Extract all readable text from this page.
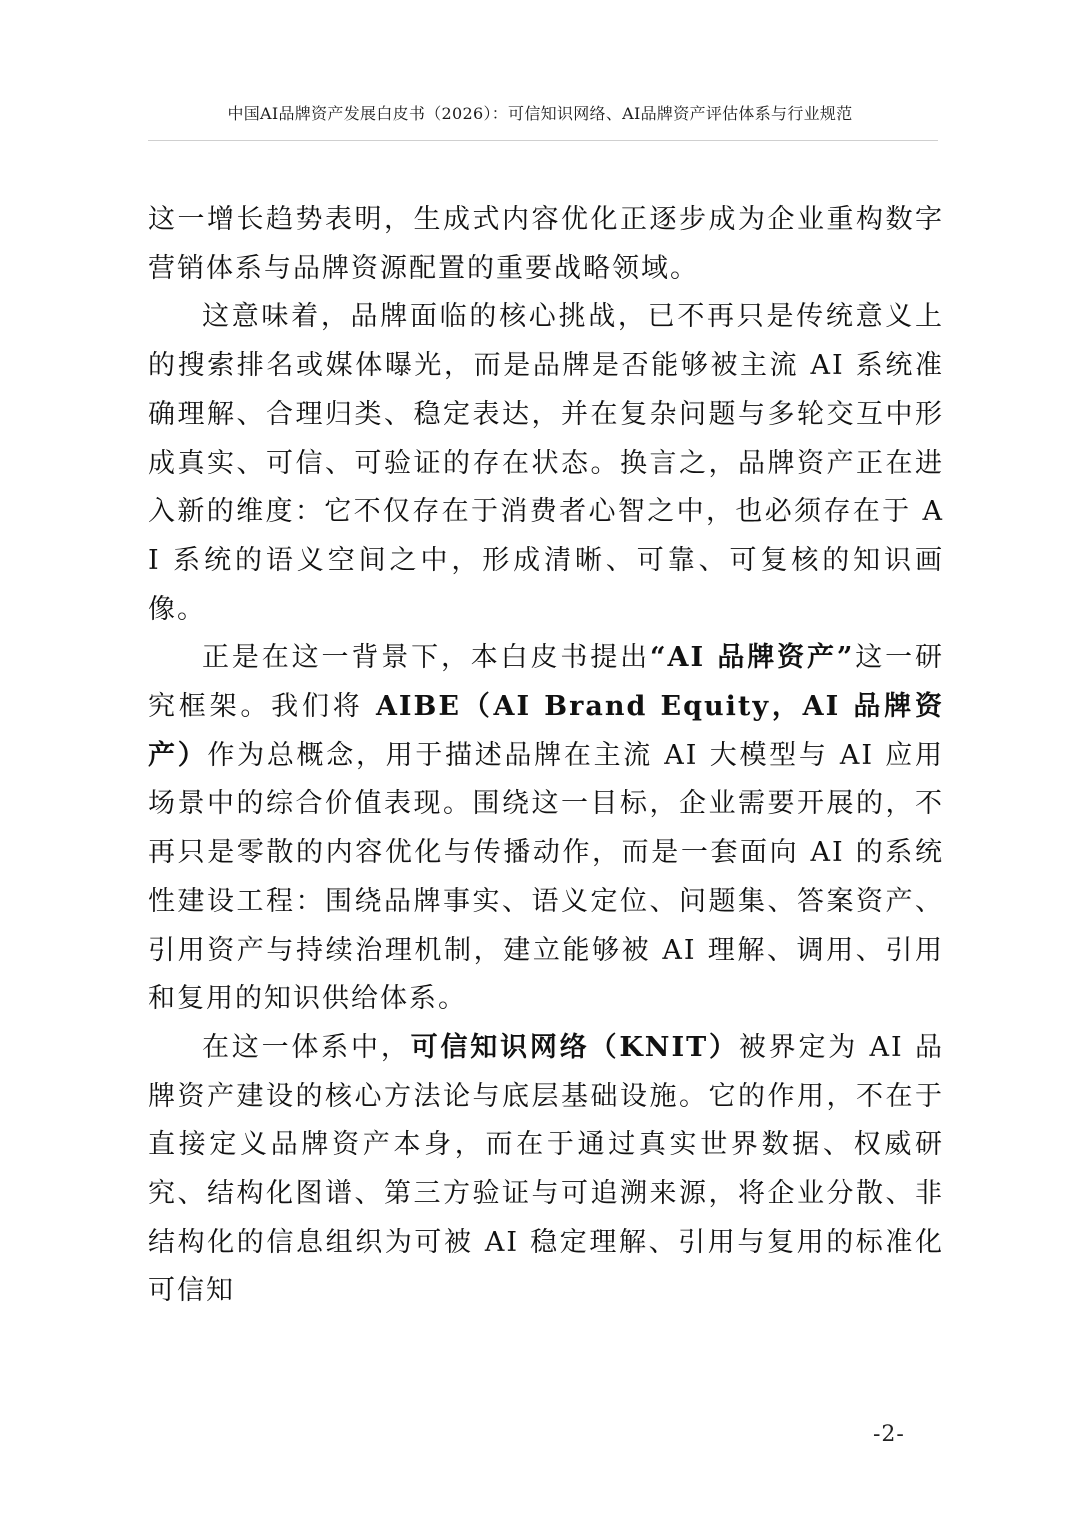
中国AI品牌资产发展白皮书（2026）：可信知识网络、AI品牌资产评估体系与行业规范

这一增长趋势表明，生成式内容优化正逐步成为企业重构数字营销体系与品牌资源配置的重要战略领域。

这意味着，品牌面临的核心挑战，已不再只是传统意义上的搜索排名或媒体曝光，而是品牌是否能够被主流 AI 系统准确理解、合理归类、稳定表达，并在复杂问题与多轮交互中形成真实、可信、可验证的存在状态。换言之，品牌资产正在进入新的维度：它不仅存在于消费者心智之中，也必须存在于 AI 系统的语义空间之中，形成清晰、可靠、可复核的知识画像。

正是在这一背景下，本白皮书提出“AI 品牌资产”这一研究框架。我们将 AIBE（AI Brand Equity，AI 品牌资产）作为总概念，用于描述品牌在主流 AI 大模型与 AI 应用场景中的综合价值表现。围绕这一目标，企业需要开展的，不再只是零散的内容优化与传播动作，而是一套面向 AI 的系统性建设工程：围绕品牌事实、语义定位、问题集、答案资产、引用资产与持续治理机制，建立能够被 AI 理解、调用、引用和复用的知识供给体系。

在这一体系中，可信知识网络（KNIT）被界定为 AI 品牌资产建设的核心方法论与底层基础设施。它的作用，不在于直接定义品牌资产本身，而在于通过真实世界数据、权威研究、结构化图谱、第三方验证与可追溯来源，将企业分散、非结构化的信息组织为可被 AI 稳定理解、引用与复用的标准化可信知

-2-
